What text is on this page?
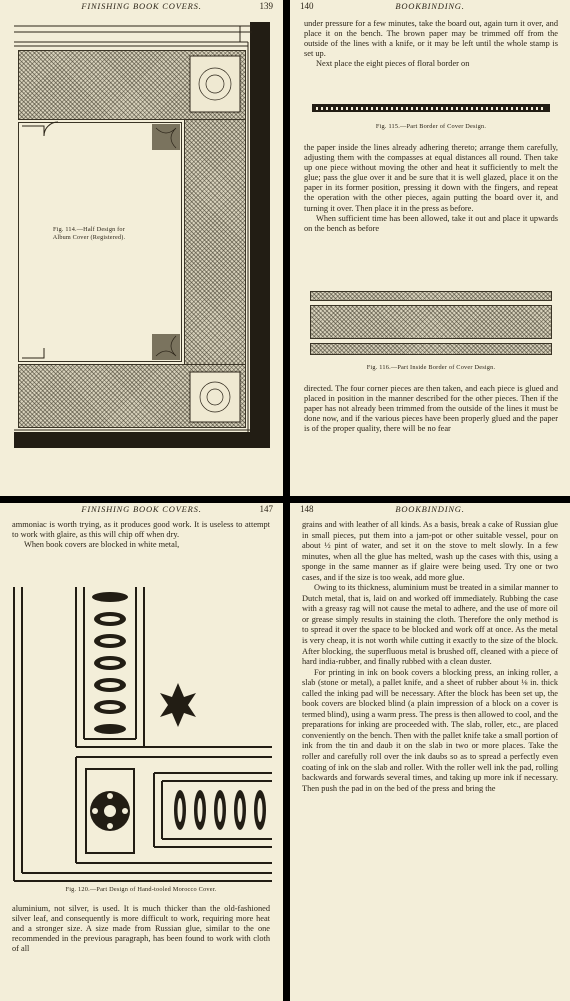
FINISHING BOOK COVERS.	139
Fig. 114.—Half Design for
Album Cover (Registered).
140	BOOKBINDING.

under pressure for a few minutes, take the board out, again turn it over, and place it on the bench. The brown paper may be trimmed off from the outside of the lines with a knife, or it may be left until the whole stamp is set up.

Next place the eight pieces of floral border on

Fig. 115.—Part Border of Cover Design.

the paper inside the lines already adhering thereto; arrange them carefully, adjusting them with the compasses at equal distances all round. Then take up one piece without moving the other and heat it sufficiently to melt the glue; pass the glue over it and be sure that it is well glazed, place it on the paper in its former position, pressing it down with the fingers, and repeat the operation with the other pieces, again putting the board over it, and turning it over. Then place it in the press as before.

When sufficient time has been allowed, take it out and place it upwards on the bench as before

Fig. 116.—Part Inside Border of Cover Design.

directed. The four corner pieces are then taken, and each piece is glued and placed in position in the manner described for the other pieces. Then if the paper has not already been trimmed from the outside of the lines it must be done now, and if the various pieces have been properly glued and the paper is of the proper quality, there will be no fear

FINISHING BOOK COVERS.	147

ammoniac is worth trying, as it produces good work. It is useless to attempt to work with glaire, as this will chip off when dry.

When book covers are blocked in white metal,

Fig. 120.—Part Design of Hand-tooled Morocco Cover.

aluminium, not silver, is used. It is much thicker than the old-fashioned silver leaf, and consequently is more difficult to work, requiring more heat and a stronger size. A size made from Russian glue, similar to the one recommended in the previous paragraph, has been found to work with cloth of all

148	BOOKBINDING.

grains and with leather of all kinds. As a basis, break a cake of Russian glue in small pieces, put them into a jam-pot or other suitable vessel, pour on about ½ pint of water, and set it on the stove to melt slowly. In a few minutes, when all the glue has melted, wash up the cases with this, using a sponge in the same manner as if glaire were being used. Try one or two cases, and if the size is too weak, add more glue.

Owing to its thickness, aluminium must be treated in a similar manner to Dutch metal, that is, laid on and worked off immediately. Rubbing the case with a greasy rag will not cause the metal to adhere, and the use of more oil or grease simply results in staining the cloth. Therefore the only method is to spread it over the space to be blocked and work off at once. As the metal is very cheap, it is not worth while cutting it exactly to the size of the block. After blocking, the superfluous metal is brushed off, cleaned with a piece of hard india-rubber, and finally rubbed with a clean duster.

For printing in ink on book covers a blocking press, an inking roller, a slab (stone or metal), a pallet knife, and a sheet of rubber about ⅛ in. thick called the inking pad will be necessary. After the block has been set up, the book covers are blocked blind (a plain impression of a block on a cover is termed blind), using a warm press. The press is then allowed to cool, and the preparations for inking are proceeded with. The slab, roller, etc., are placed conveniently on the bench. Then with the pallet knife take a small portion of ink from the tin and daub it on the slab in two or more places. Take the roller and carefully roll over the ink daubs so as to spread a perfectly even coating of ink on the slab and roller. With the roller well ink the pad, rolling backwards and forwards several times, and taking up more ink if necessary. Then push the pad in on the bed of the press and bring the
